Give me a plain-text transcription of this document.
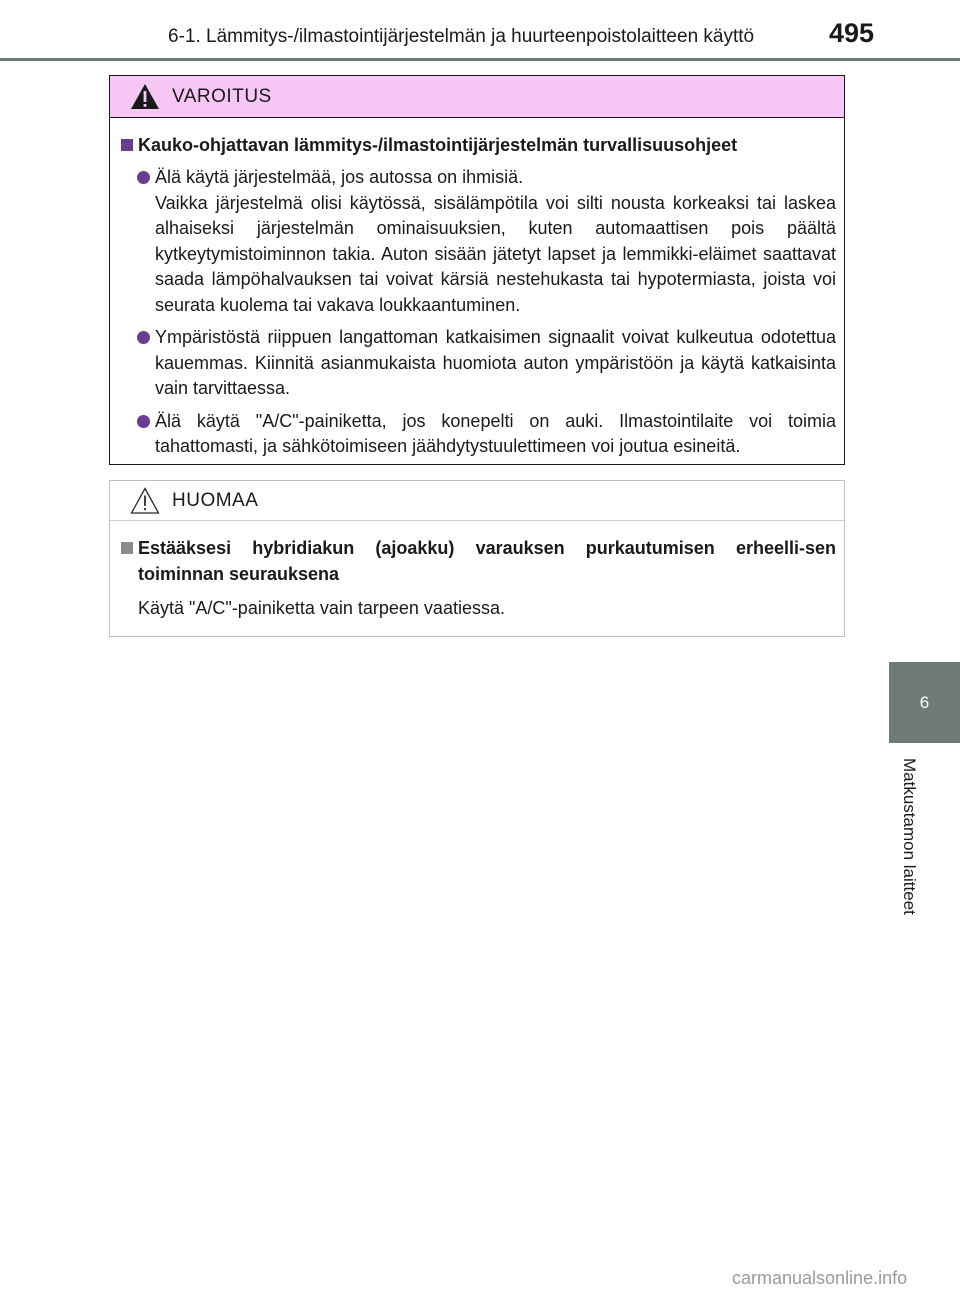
6-1. Lämmitys-/ilmastointijärjestelmän ja huurteenpoistolaitteen käyttö	495
6
Matkustamon laitteet
VAROITUS
Kauko-ohjattavan lämmitys-/ilmastointijärjestelmän turvallisuusohjeet
Älä käytä järjestelmää, jos autossa on ihmisiä.
Vaikka järjestelmä olisi käytössä, sisälämpötila voi silti nousta korkeaksi tai laskea alhaiseksi järjestelmän ominaisuuksien, kuten automaattisen pois päältä kytkeytymistoiminnon takia. Auton sisään jätetyt lapset ja lemmikki-eläimet saattavat saada lämpöhalvauksen tai voivat kärsiä nestehukasta tai hypotermiasta, joista voi seurata kuolema tai vakava loukkaantuminen.
Ympäristöstä riippuen langattoman katkaisimen signaalit voivat kulkeutua odotettua kauemmas. Kiinnitä asianmukaista huomiota auton ympäristöön ja käytä katkaisinta vain tarvittaessa.
Älä käytä "A/C"-painiketta, jos konepelti on auki. Ilmastointilaite voi toimia tahattomasti, ja sähkötoimiseen jäähdytystuulettimeen voi joutua esineitä.
HUOMAA
Estääksesi hybridiakun (ajoakku) varauksen purkautumisen erheelli-sen toiminnan seurauksena
Käytä "A/C"-painiketta vain tarpeen vaatiessa.
carmanualsonline.info
